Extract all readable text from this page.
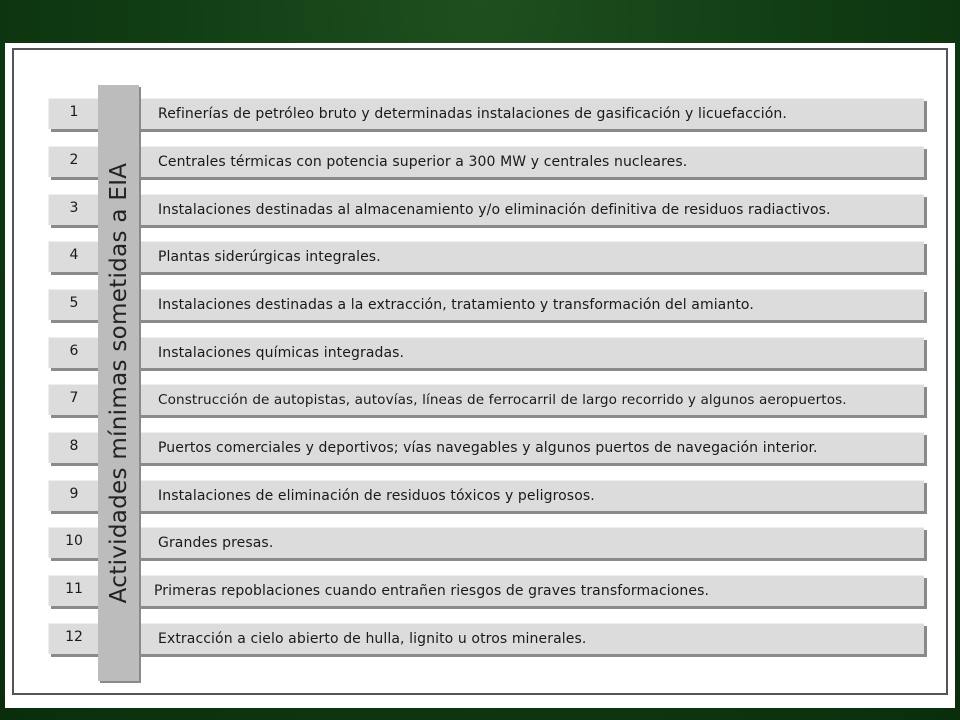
Actividades mínimas sometidas a EIA
1	Refinerías de petróleo bruto y determinadas instalaciones de gasificación y licuefacción.
2	Centrales térmicas con potencia superior a 300 MW y centrales nucleares.
3	Instalaciones destinadas al almacenamiento y/o eliminación definitiva de residuos radiactivos.
4	Plantas siderúrgicas integrales.
5	Instalaciones destinadas a la extracción, tratamiento y transformación del amianto.
6	Instalaciones químicas integradas.
7	Construcción de autopistas, autovías, líneas de ferrocarril de largo recorrido y algunos aeropuertos.
8	Puertos comerciales y deportivos; vías navegables y algunos puertos de navegación interior.
9	Instalaciones de eliminación de residuos tóxicos y peligrosos.
10	Grandes presas.
11	Primeras repoblaciones cuando entrañen riesgos de graves transformaciones.
12	Extracción a cielo abierto de hulla, lignito u otros minerales.
